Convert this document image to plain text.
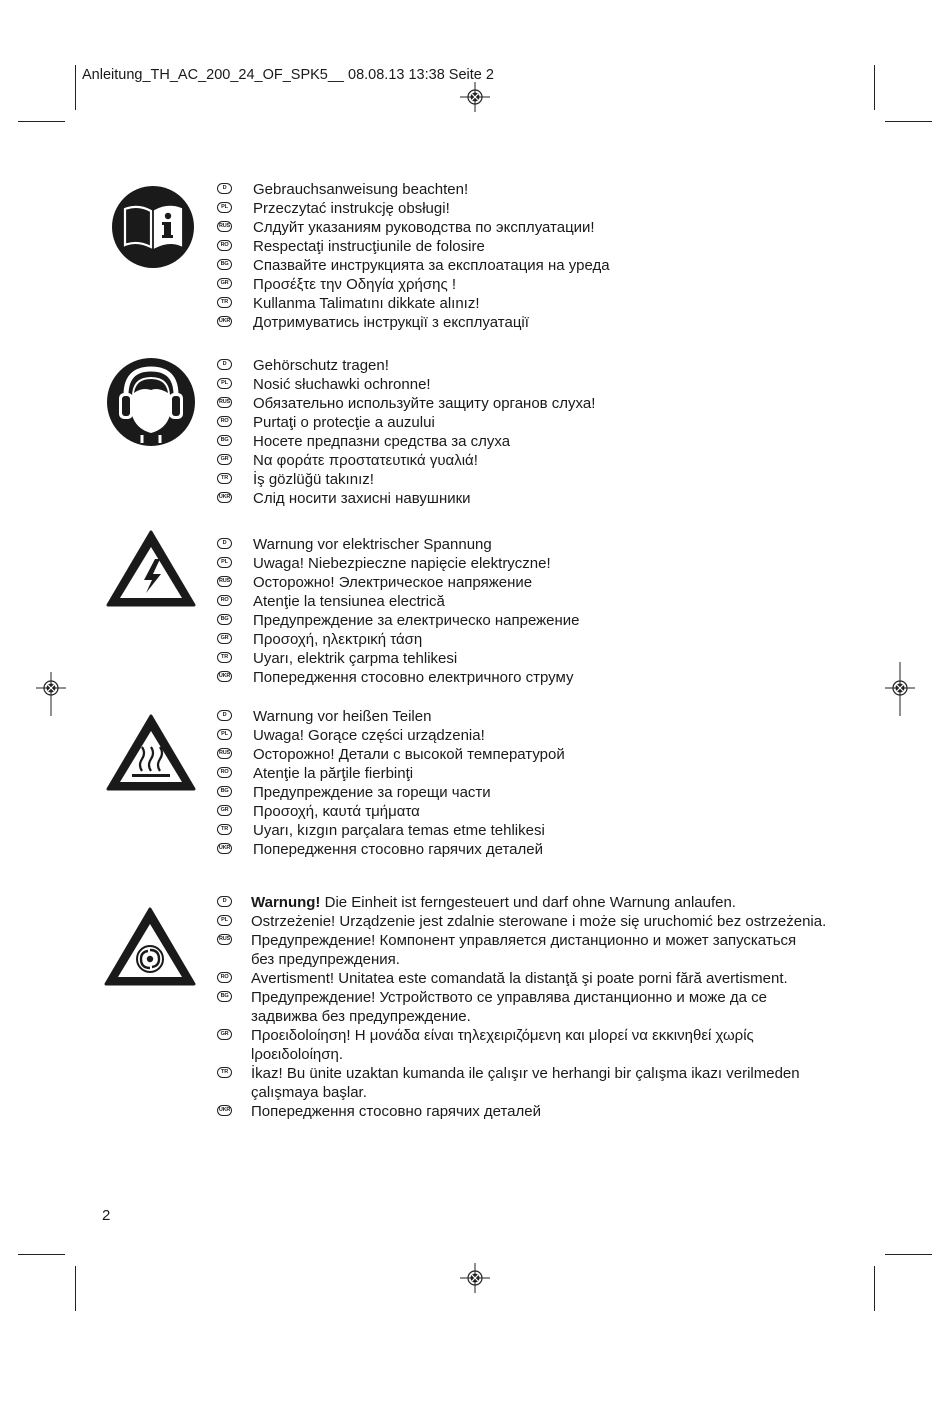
Anleitung_TH_AC_200_24_OF_SPK5__ 08.08.13 13:38 Seite 2
D	Gebrauchsanweisung beachten!
PL Przeczytać instrukcję obsługi!
RUS Слдуйт указаниям руководства по эксплуатации!
RO Respectaţi instrucţiunile de folosire
BG Спазвайте инструкцията за експлоатация на уреда
GR Προσέξτε την Οδηγία χρήσης !
TR Kullanma Talimatını dikkate alınız!
UKR Дотримуватись інструкції з експлуатації
D	Gehörschutz tragen!
PL Nosić słuchawki ochronne!
RUS Обязательно используйте защиту органов слуха!
RO Purtaţi o protecţie a auzului
BG Носете предпазни средства за слуха
GR Να φοράτε προστατευτικά γυαλιά!
TR İş gözlüğü takınız!
UKR Слід носити захисні навушники
D	Warnung vor elektrischer Spannung
PL Uwaga! Niebezpieczne napięcie elektryczne!
RUS Осторожно! Электрическое напряжение
RO Atenţie la tensiunea electrică
BG Предупреждение за електрическо напрежение
GR Προσοχή, ηλεκτρική τάση
TR Uyarı, elektrik çarpma tehlikesi
UKR Попередження стосовно електричного струму
D	Warnung vor heißen Teilen
PL Uwaga! Gorące części urządzenia!
RUS Осторожно! Детали с высокой температурой
RO Atenţie la părţile fierbinţi
BG Предупреждение за горещи части
GR Προσοχή, καυτά τμήματα
TR Uyarı, kızgın parçalara temas etme tehlikesi
UKR Попередження стосовно гарячих деталей
D	Warnung! Die Einheit ist ferngesteuert und darf ohne Warnung anlaufen.
PL Ostrzeżenie! Urządzenie jest zdalnie sterowane i może się uruchomić bez ostrzeżenia.
RUS Предупреждение! Компонент управляется дистанционно и может запускаться
без предупреждения.
RO Avertisment! Unitatea este comandată la distanţă şi poate porni fără avertisment.
BG Предупреждение! Устройството се управлява дистанционно и може да се
задвижва без предупреждение.
GR Προειδοloίηση! Η μονάδα είναι τηλεχειριζόμενη και μlορεί να εκκινηθεί χωρίς
lροειδοloίηση.
TR İkaz! Bu ünite uzaktan kumanda ile çalışır ve herhangi bir çalışma ikazı verilmeden
çalışmaya başlar.
UKR Попередження стосовно гарячих деталей
2
